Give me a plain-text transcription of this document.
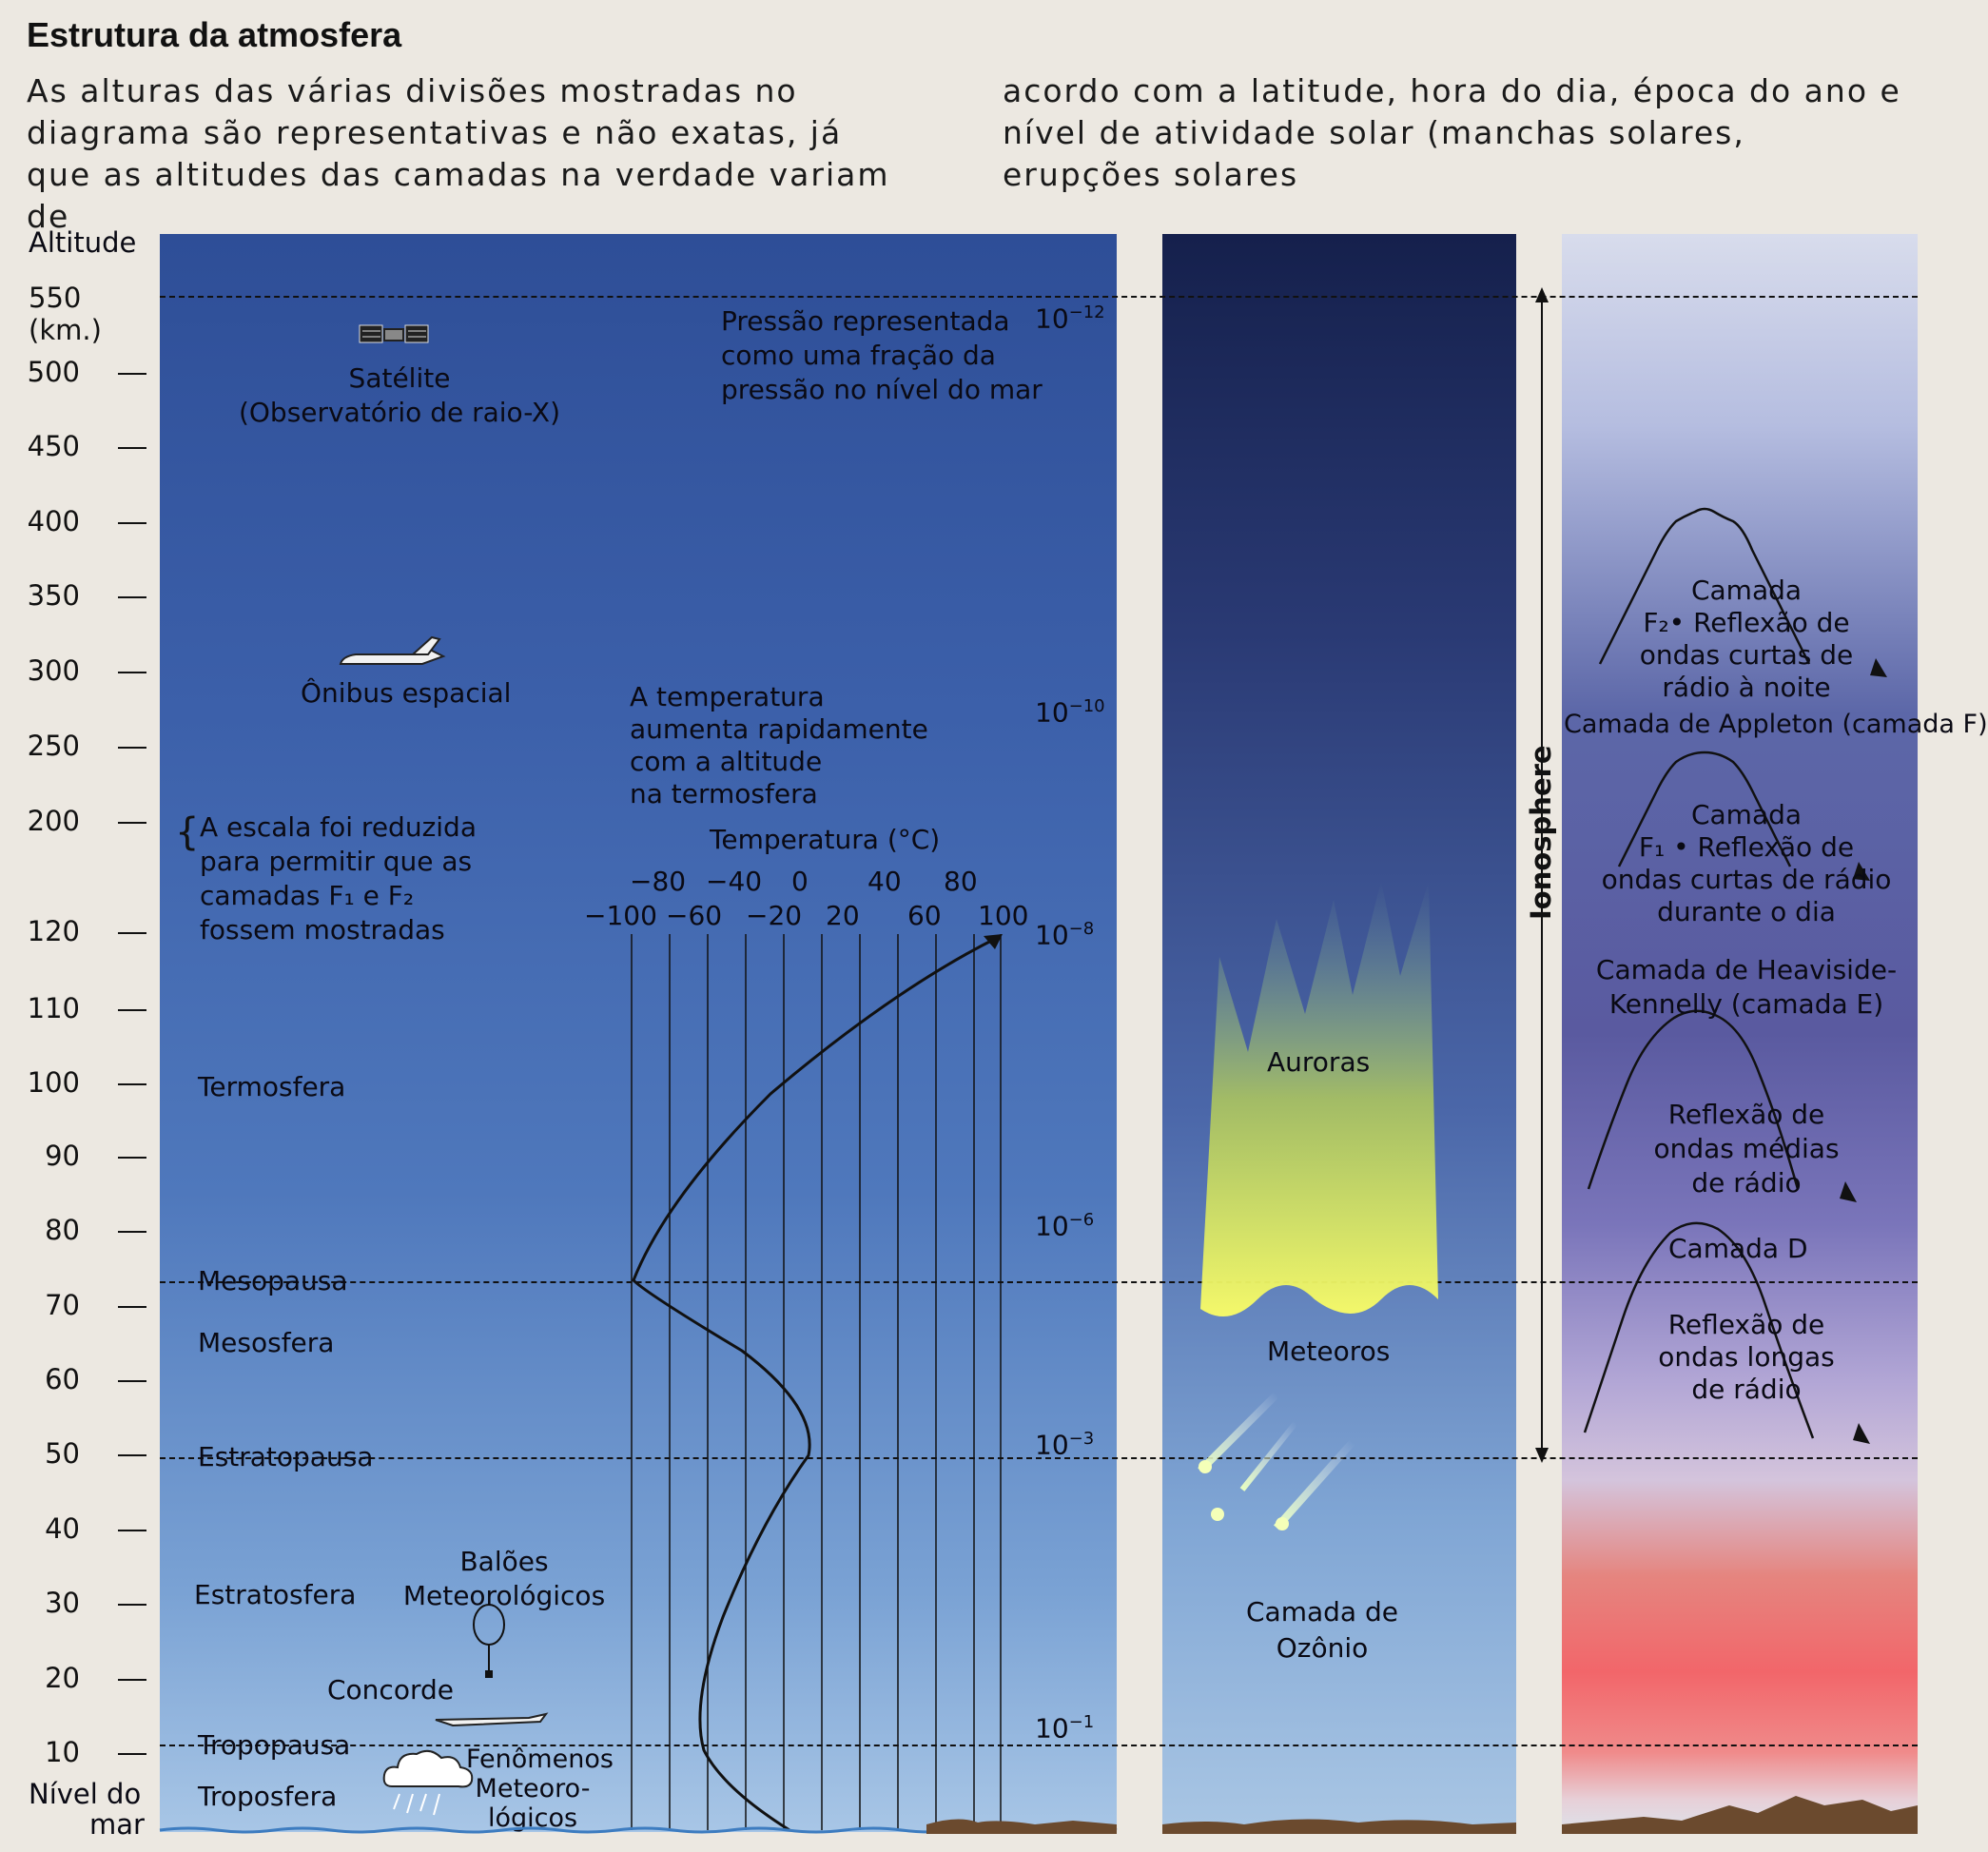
Estrutura da atmosfera
As alturas das várias divisões mostradas no diagrama são representativas e não exatas, já que as altitudes das camadas na verdade variam de
acordo com a latitude, hora do dia, época do ano e nível de atividade solar (manchas solares, erupções solares
Altitude
550 (km.)
500
450
400
350
300
250
200
120
110
100
90
80
70
60
50
40
30
20
10
Nível do
mar
Termosfera
Mesopausa
Mesosfera
Estratopausa
Estratosfera
Tropopausa
Troposfera
Satélite
(Observatório de raio-X)
Ônibus espacial
{ A escala foi reduzida
para permitir que as
camadas F₁ e F₂
fossem mostradas
Pressão representada
como uma fração da
pressão no nível do mar
A temperatura
aumenta rapidamente
com a altitude
na termosfera
Temperatura (°C)
−80 −40 0 40 80
−100 −60 −20 20 60 100
Balões
Meteorológicos
Concorde
Fenômenos
Meteoro-
lógicos
$10^{-12}$
$10^{-10}$
$10^{-8}$
$10^{-6}$
$10^{-3}$
$10^{-1}$
Auroras
Meteoros
Camada de
Ozônio
Ionosphere
Camada
F₂• Reflexão de
ondas curtas de
rádio à noite
Camada de Appleton (camada F)
Camada
F₁ • Reflexão de
ondas curtas de rádio
durante o dia
Camada de Heaviside-
Kennelly (camada E)
Reflexão de
ondas médias
de rádio
Camada D
Reflexão de
ondas longas
de rádio
